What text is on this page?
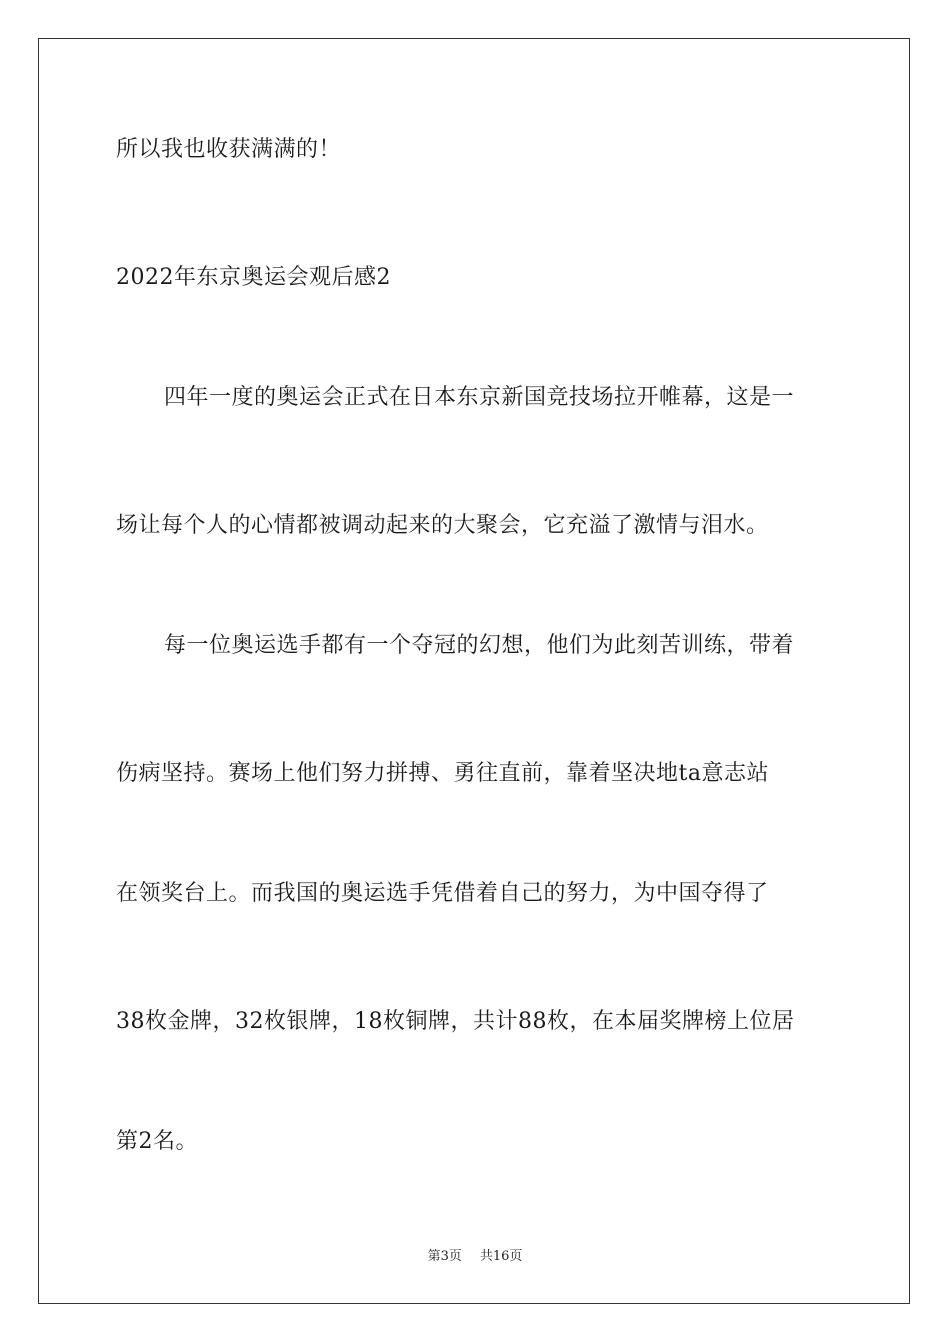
所以我也收获满满的！
2022年东京奥运会观后感2
四年一度的奥运会正式在日本东京新国竞技场拉开帷幕，这是一
场让每个人的心情都被调动起来的大聚会，它充溢了激情与泪水。
每一位奥运选手都有一个夺冠的幻想，他们为此刻苦训练，带着
伤病坚持。赛场上他们努力拼搏、勇往直前，靠着坚决地ta意志站
在领奖台上。而我国的奥运选手凭借着自己的努力，为中国夺得了
38枚金牌，32枚银牌，18枚铜牌，共计88枚，在本届奖牌榜上位居
第2名。
第3页 共16页
